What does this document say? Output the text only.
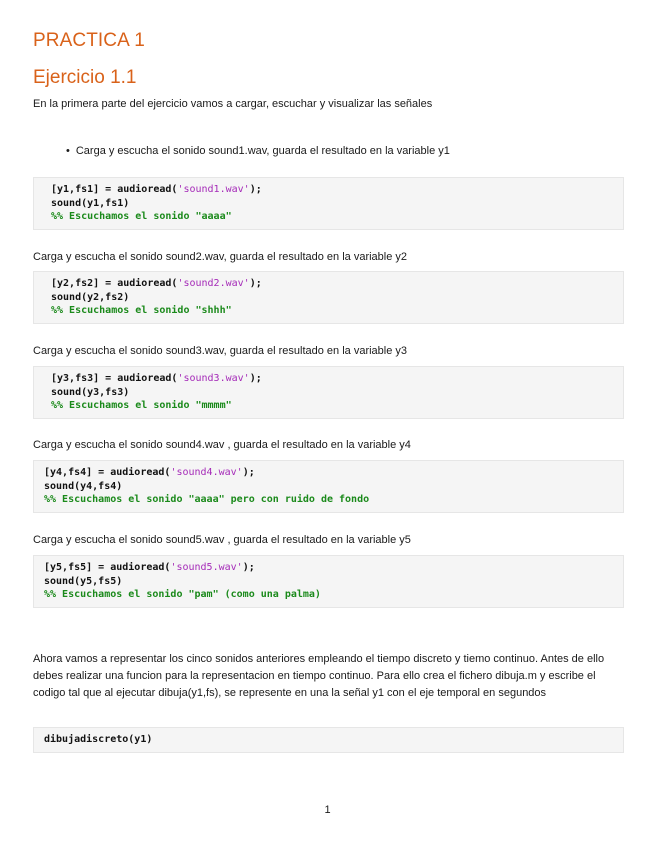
PRACTICA 1
Ejercicio 1.1

En la primera parte del ejercicio vamos a cargar, escuchar y visualizar las señales

• Carga y escucha el sonido sound1.wav, guarda el resultado en la variable y1
[y1,fs1] = audioread('sound1.wav');
sound(y1,fs1)
%% Escuchamos el sonido "aaaa"

Carga y escucha el sonido sound2.wav, guarda el resultado en la variable y2

[y2,fs2] = audioread('sound2.wav');
sound(y2,fs2)
%% Escuchamos el sonido "shhh"

Carga y escucha el sonido sound3.wav, guarda el resultado en la variable y3

[y3,fs3] = audioread('sound3.wav');
sound(y3,fs3)
%% Escuchamos el sonido "mmmm"

Carga y escucha el sonido sound4.wav , guarda el resultado en la variable y4

[y4,fs4] = audioread('sound4.wav');
sound(y4,fs4)
%% Escuchamos el sonido "aaaa" pero con ruido de fondo

Carga y escucha el sonido sound5.wav , guarda el resultado en la variable y5

[y5,fs5] = audioread('sound5.wav');
sound(y5,fs5)
%% Escuchamos el sonido "pam" (como una palma)

Ahora vamos a representar los cinco sonidos anteriores empleando el tiempo discreto y tiemo continuo. Antes de ello debes realizar una funcion para la representacion en tiempo continuo. Para ello crea el fichero dibuja.m y escribe el codigo tal que al ejecutar dibuja(y1,fs), se represente en una la señal y1 con el eje temporal en segundos

dibujadiscreto(y1)
1
